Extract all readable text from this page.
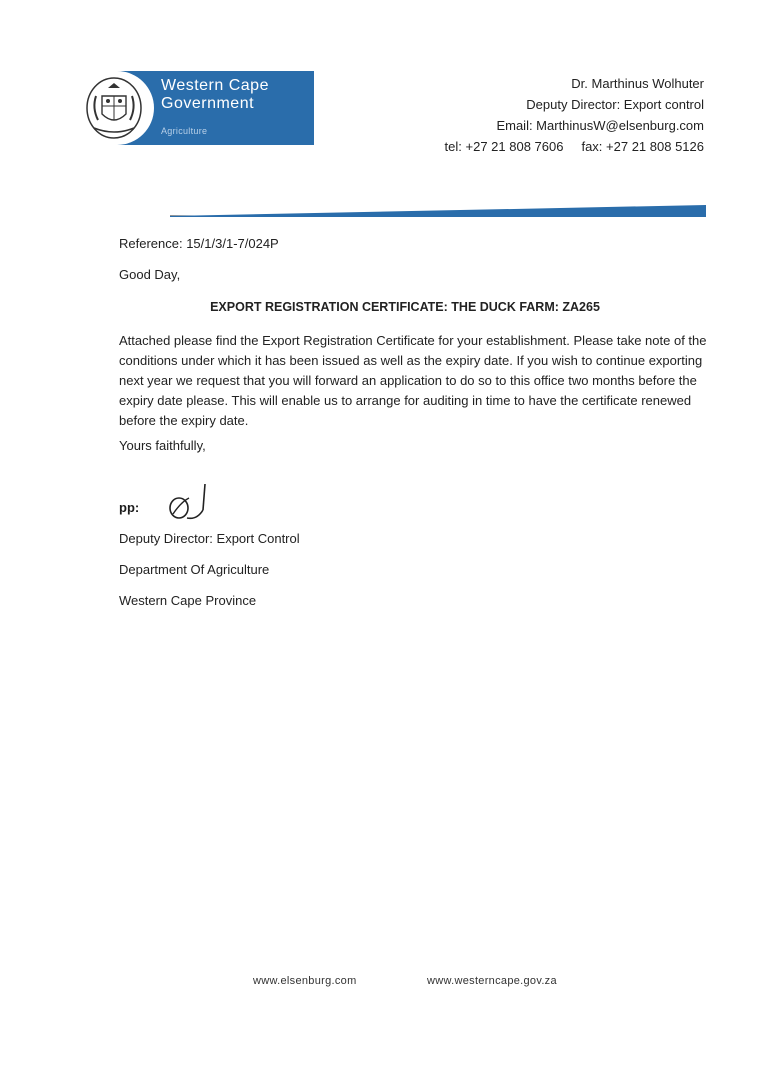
Western Cape
Government
Agriculture
Dr. Marthinus Wolhuter
Deputy Director: Export control
Email: MarthinusW@elsenburg.com
tel: +27 21 808 7606 fax: +27 21 808 5126
Reference: 15/1/3/1-7/024P
Good Day,
EXPORT REGISTRATION CERTIFICATE: THE DUCK FARM: ZA265
Attached please find the Export Registration Certificate for your establishment. Please take note of the conditions under which it has been issued as well as the expiry date. If you wish to continue exporting next year we request that you will forward an application to do so to this office two months before the expiry date please. This will enable us to arrange for auditing in time to have the certificate renewed before the expiry date.
Yours faithfully,
pp:
Deputy Director: Export Control
Department Of Agriculture
Western Cape Province
www.elsenburg.com	www.westerncape.gov.za
